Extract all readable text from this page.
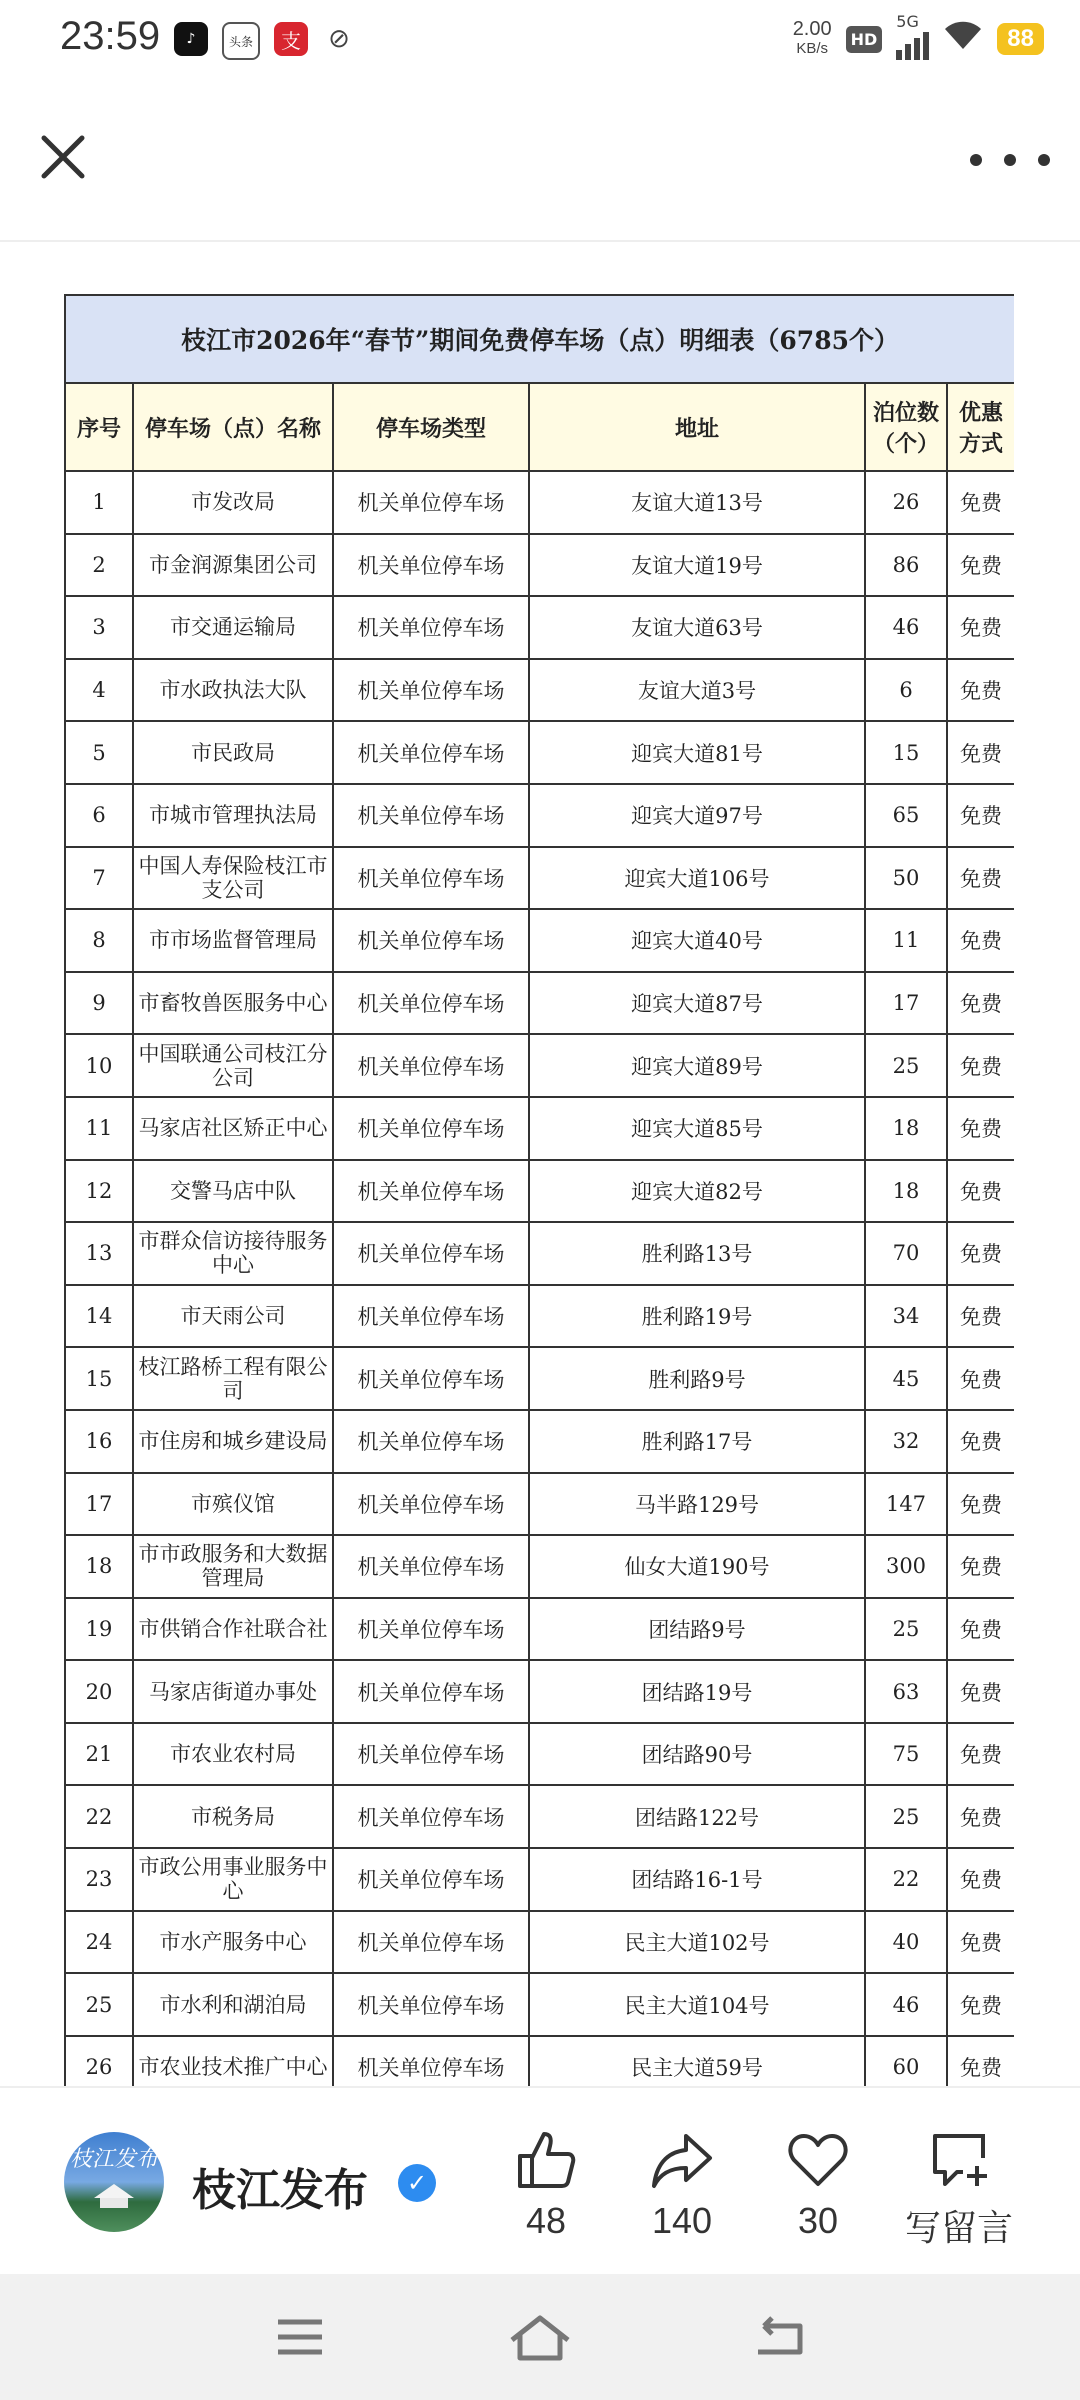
23:59	♪	头条	支 ⊘	2.00
KB/s	HD
5G
88
枝江市2026年“春节”期间免费停车场（点）明细表（6785个）					
序号	停车场（点）名称	停车场类型	地址	泊位数（个）	优惠方式
1	市发改局	机关单位停车场	友谊大道13号	26	免费
2	市金润源集团公司	机关单位停车场	友谊大道19号	86	免费
3	市交通运输局	机关单位停车场	友谊大道63号	46	免费
4	市水政执法大队	机关单位停车场	友谊大道3号	6	免费
5	市民政局	机关单位停车场	迎宾大道81号	15	免费
6	市城市管理执法局	机关单位停车场	迎宾大道97号	65	免费
7	中国人寿保险枝江市支公司	机关单位停车场	迎宾大道106号	50	免费
8	市市场监督管理局	机关单位停车场	迎宾大道40号	11	免费
9	市畜牧兽医服务中心	机关单位停车场	迎宾大道87号	17	免费
10	中国联通公司枝江分公司	机关单位停车场	迎宾大道89号	25	免费
11	马家店社区矫正中心	机关单位停车场	迎宾大道85号	18	免费
12	交警马店中队	机关单位停车场	迎宾大道82号	18	免费
13	市群众信访接待服务中心	机关单位停车场	胜利路13号	70	免费
14	市天雨公司	机关单位停车场	胜利路19号	34	免费
15	枝江路桥工程有限公司	机关单位停车场	胜利路9号	45	免费
16	市住房和城乡建设局	机关单位停车场	胜利路17号	32	免费
17	市殡仪馆	机关单位停车场	马半路129号	147	免费
18	市市政服务和大数据管理局	机关单位停车场	仙女大道190号	300	免费
19	市供销合作社联合社	机关单位停车场	团结路9号	25	免费
20	马家店街道办事处	机关单位停车场	团结路19号	63	免费
21	市农业农村局	机关单位停车场	团结路90号	75	免费
22	市税务局	机关单位停车场	团结路122号	25	免费
23	市政公用事业服务中心	机关单位停车场	团结路16-1号	22	免费
24	市水产服务中心	机关单位停车场	民主大道102号	40	免费
25	市水利和湖泊局	机关单位停车场	民主大道104号	46	免费
26	市农业技术推广中心	机关单位停车场	民主大道59号	60	免费
枝江发布
枝江发布	✓
48	140	30	写留言
